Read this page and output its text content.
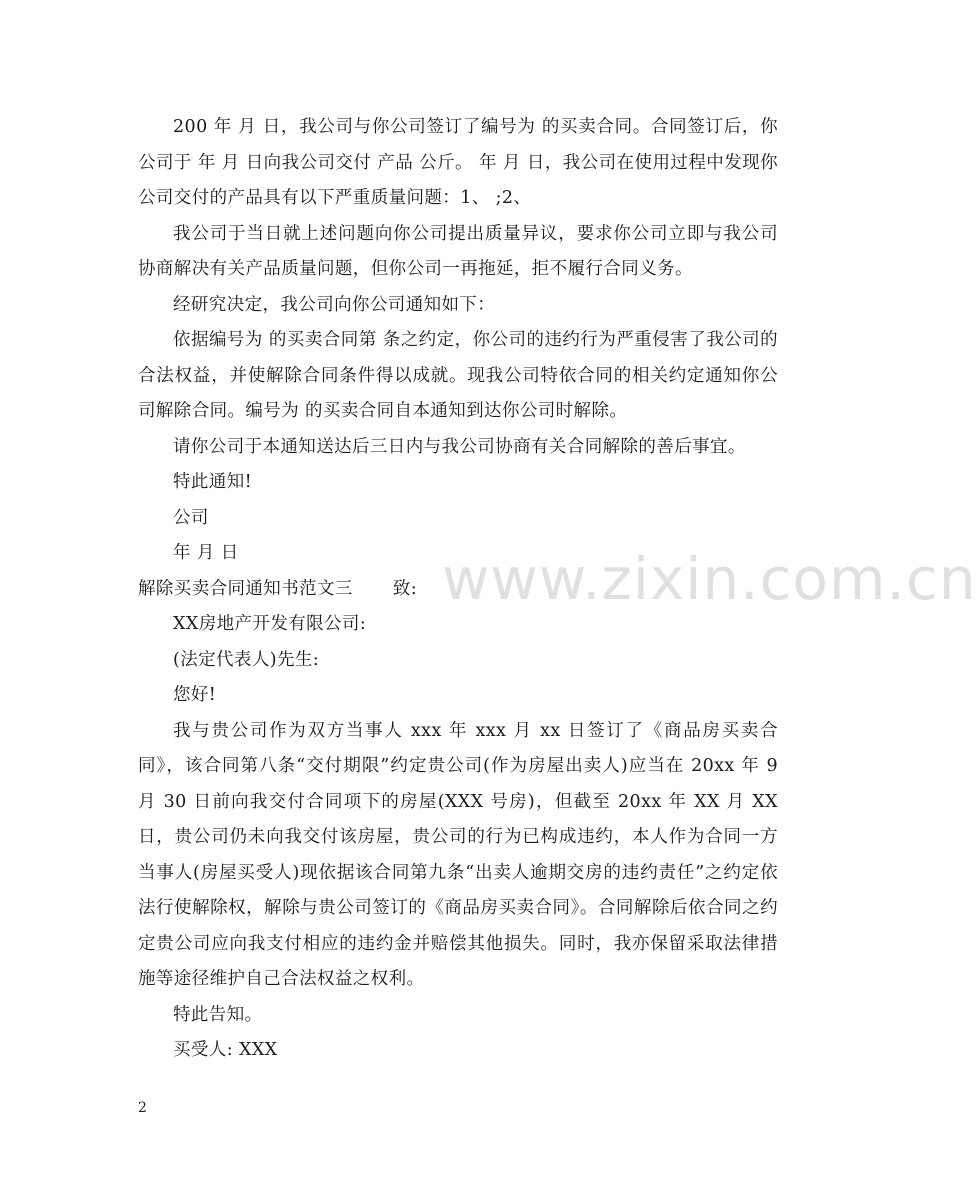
www.zixin.com.cn

200 年 月 日，我公司与你公司签订了编号为 的买卖合同。合同签订后，你公司于 年 月 日向我公司交付 产品 公斤。 年 月 日，我公司在使用过程中发现你公司交付的产品具有以下严重质量问题：1、 ;2、

我公司于当日就上述问题向你公司提出质量异议，要求你公司立即与我公司协商解决有关产品质量问题，但你公司一再拖延，拒不履行合同义务。

经研究决定，我公司向你公司通知如下：

依据编号为 的买卖合同第 条之约定，你公司的违约行为严重侵害了我公司的合法权益，并使解除合同条件得以成就。现我公司特依合同的相关约定通知你公司解除合同。编号为 的买卖合同自本通知到达你公司时解除。

请你公司于本通知送达后三日内与我公司协商有关合同解除的善后事宜。

特此通知!

公司

年 月 日

解除买卖合同通知书范文三 致:

XX房地产开发有限公司:

(法定代表人)先生:

您好!

我与贵公司作为双方当事人 xxx 年 xxx 月 xx 日签订了《商品房买卖合同》，该合同第八条“交付期限”约定贵公司(作为房屋出卖人)应当在 20xx 年 9 月 30 日前向我交付合同项下的房屋(XXX 号房)，但截至 20xx 年 XX 月 XX 日，贵公司仍未向我交付该房屋，贵公司的行为已构成违约，本人作为合同一方当事人(房屋买受人)现依据该合同第九条“出卖人逾期交房的违约责任”之约定依法行使解除权，解除与贵公司签订的《商品房买卖合同》。合同解除后依合同之约定贵公司应向我支付相应的违约金并赔偿其他损失。同时，我亦保留采取法律措施等途径维护自己合法权益之权利。

特此告知。

买受人: XXX

2
